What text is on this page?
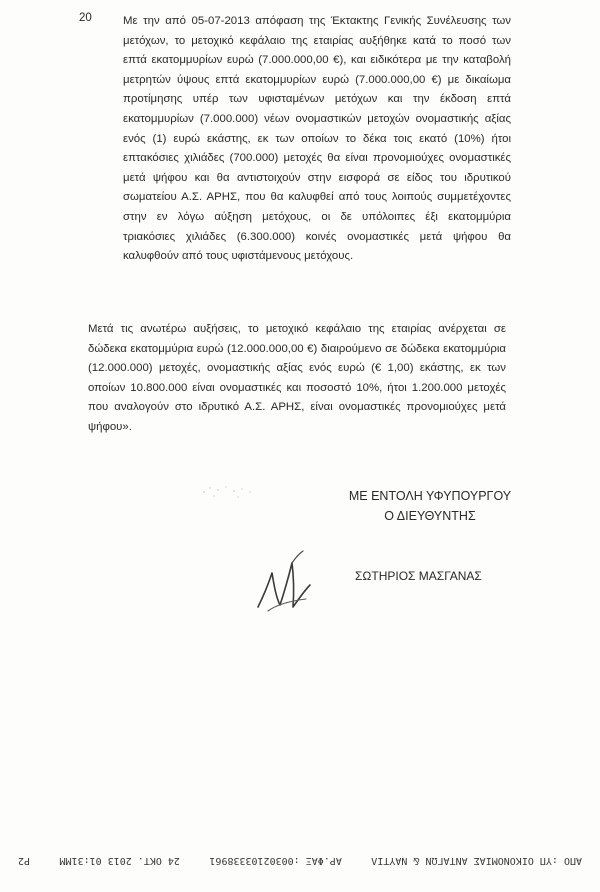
20	Με την από 05-07-2013 απόφαση της Έκτακτης Γενικής Συνέλευσης των
μετόχων, το μετοχικό κεφάλαιο της εταιρίας αυξήθηκε κατά το ποσό των
επτά εκατομμυρίων ευρώ (7.000.000,00 €), και ειδικότερα με την καταβολή
μετρητών ύψους επτά εκατομμυρίων ευρώ (7.000.000,00 €) με δικαίωμα
προτίμησης υπέρ των υφισταμένων μετόχων και την έκδοση επτά
εκατομμυρίων (7.000.000) νέων ονομαστικών μετοχών ονομαστικής αξίας
ενός (1) ευρώ εκάστης, εκ των οποίων το δέκα τοις εκατό (10%) ήτοι
επτακόσιες χιλιάδες (700.000) μετοχές θα είναι προνομιούχες ονομαστικές
μετά ψήφου και θα αντιστοιχούν στην εισφορά σε είδος του ιδρυτικού
σωματείου Α.Σ. ΑΡΗΣ, που θα καλυφθεί από τους λοιπούς συμμετέχοντες
στην εν λόγω αύξηση μετόχους, οι δε υπόλοιπες έξι εκατομμύρια
τριακόσιες χιλιάδες (6.300.000) κοινές ονομαστικές μετά ψήφου θα
καλυφθούν από τους υφιστάμενους μετόχους.
Μετά τις ανωτέρω αυξήσεις, το μετοχικό κεφάλαιο της εταιρίας ανέρχεται σε
δώδεκα εκατομμύρια ευρώ (12.000.000,00 €) διαιρούμενο σε δώδεκα εκατομμύρια
(12.000.000) μετοχές, ονομαστικής αξίας ενός ευρώ (€ 1,00) εκάστης, εκ των
οποίων 10.800.000 είναι ονομαστικές και ποσοστό 10%, ήτοι 1.200.000 μετοχές
που αναλογούν στο ιδρυτικό Α.Σ. ΑΡΗΣ, είναι ονομαστικές προνομιούχες μετά
ψήφου».
ΜΕ ΕΝΤΟΛΗ ΥΦΥΠΟΥΡΓΟΥ
Ο ΔΙΕΥΘΥΝΤΗΣ
ΣΩΤΗΡΙΟΣ ΜΑΣΓΑΝΑΣ
ΑΠΟ :ΥΠ ΟΙΚΟΝΟΜΙΑΣ ΑΝΤΑΓΩΝ & ΝΑΥΤΙΛ
ΑΡ.ΦΑΞ :00302103338961
24 ΟΚΤ. 2013 01:31ΜΜ
Ρ2
